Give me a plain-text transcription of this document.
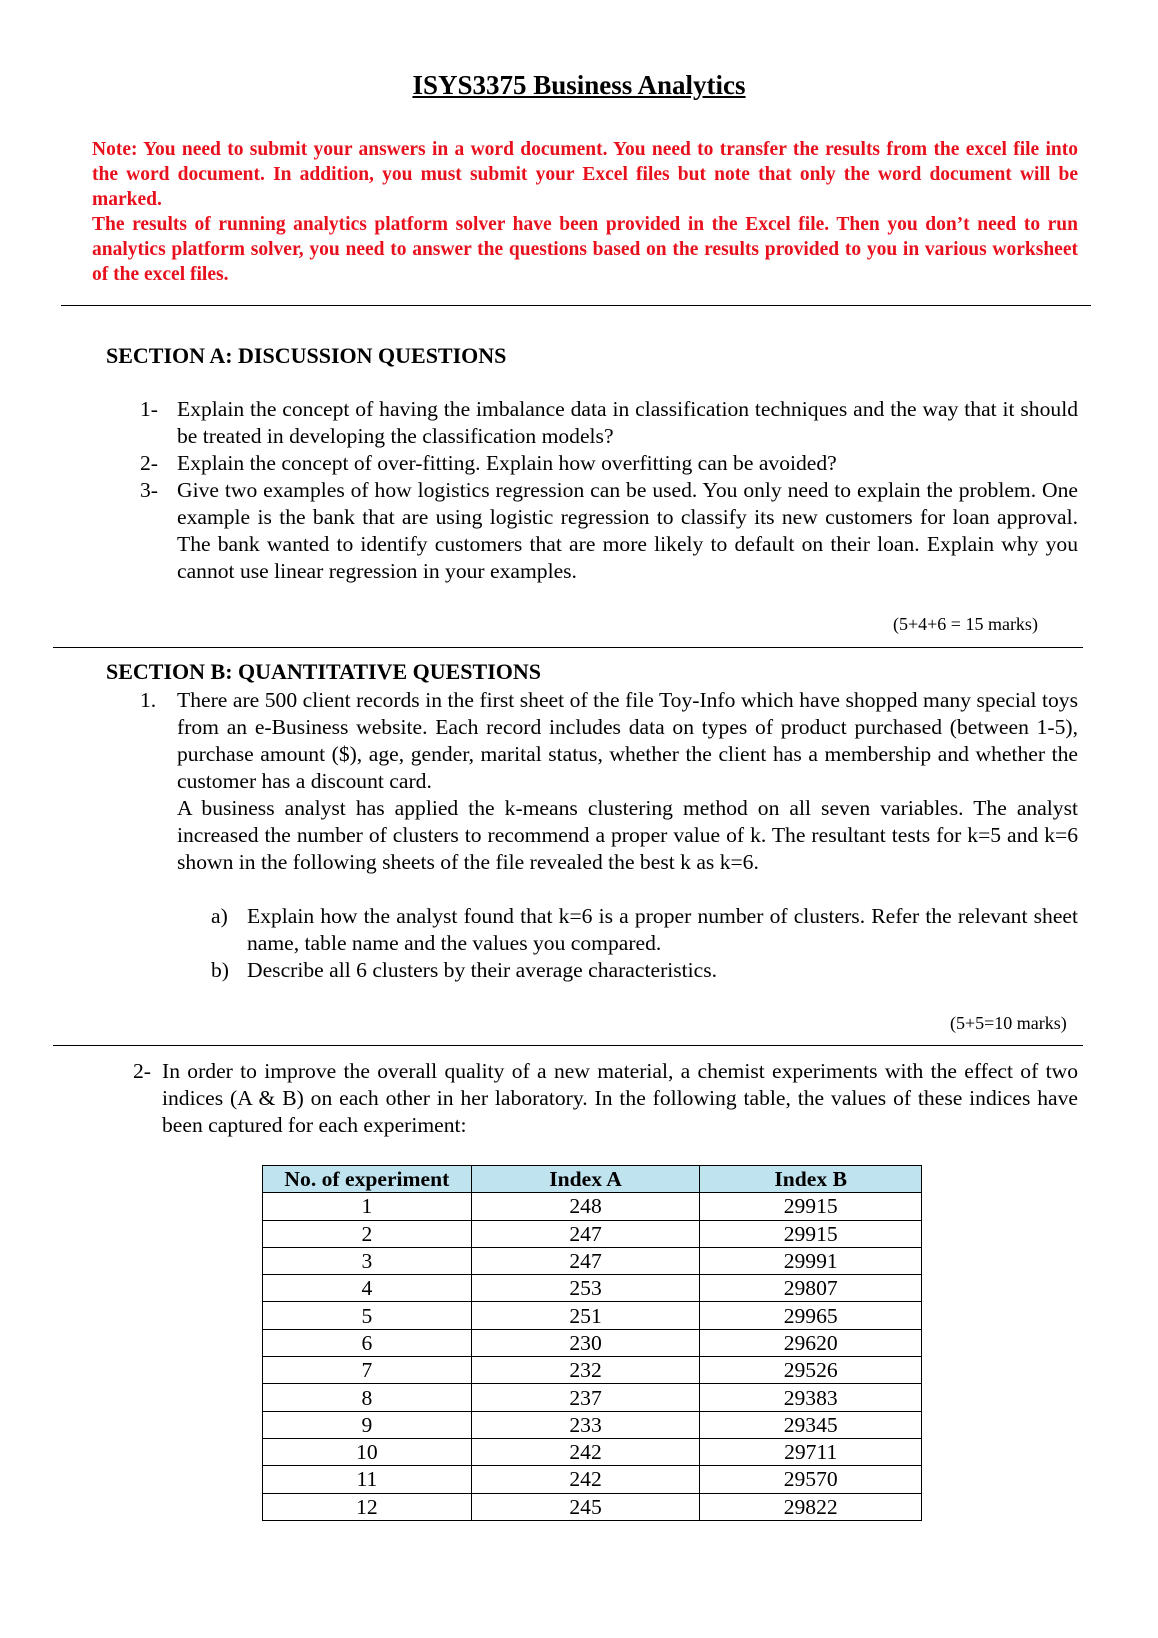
ISYS3375 Business Analytics

Note: You need to submit your answers in a word document. You need to transfer the results from the excel file into the word document. In addition, you must submit your Excel files but note that only the word document will be marked.

The results of running analytics platform solver have been provided in the Excel file. Then you don’t need to run analytics platform solver, you need to answer the questions based on the results provided to you in various worksheet of the excel files.

SECTION A: DISCUSSION QUESTIONS
1- Explain the concept of having the imbalance data in classification techniques and the way that it should be treated in developing the classification models?
2- Explain the concept of over-fitting. Explain how overfitting can be avoided?
3- Give two examples of how logistics regression can be used. You only need to explain the problem. One example is the bank that are using logistic regression to classify its new customers for loan approval. The bank wanted to identify customers that are more likely to default on their loan. Explain why you cannot use linear regression in your examples.
(5+4+6 = 15 marks)
SECTION B: QUANTITATIVE QUESTIONS
1. There are 500 client records in the first sheet of the file Toy-Info which have shopped many special toys from an e-Business website. Each record includes data on types of product purchased (between 1-5), purchase amount ($), age, gender, marital status, whether the client has a membership and whether the customer has a discount card.
A business analyst has applied the k-means clustering method on all seven variables. The analyst increased the number of clusters to recommend a proper value of k. The resultant tests for k=5 and k=6 shown in the following sheets of the file revealed the best k as k=6.
a) Explain how the analyst found that k=6 is a proper number of clusters. Refer the relevant sheet name, table name and the values you compared.
b) Describe all 6 clusters by their average characteristics.
(5+5=10 marks)
2- In order to improve the overall quality of a new material, a chemist experiments with the effect of two indices (A & B) on each other in her laboratory. In the following table, the values of these indices have been captured for each experiment:
No. of experiment	Index A	Index B
1	248	29915
2	247	29915
3	247	29991
4	253	29807
5	251	29965
6	230	29620
7	232	29526
8	237	29383
9	233	29345
10	242	29711
11	242	29570
12	245	29822
